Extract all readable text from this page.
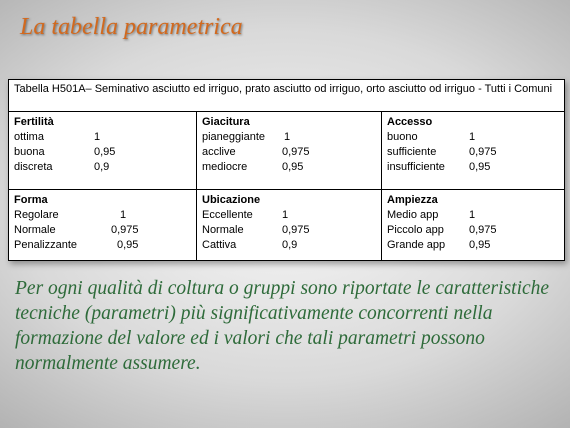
La tabella parametrica
Tabella H501A– Seminativo asciutto ed irriguo, prato asciutto od irriguo, orto asciutto od irriguo - Tutti i Comuni
Fertilità
ottima	1
buona	0,95
discreta	0,9
Giacitura
pianeggiante 1
acclive	0,975
mediocre	0,95
Accesso
buono	1
sufficiente	0,975
insufficiente 0,95
Forma
Regolare	1
Normale	0,975
Penalizzante	0,95
Ubicazione
Eccellente	1
Normale	0,975
Cattiva	0,9
Ampiezza
Medio app	1
Piccolo app 0,975
Grande app 0,95
Per ogni qualità di coltura o gruppi sono riportate le caratteristiche tecniche (parametri) più significativamente concorrenti nella formazione del valore ed i valori che tali parametri possono normalmente assumere.
